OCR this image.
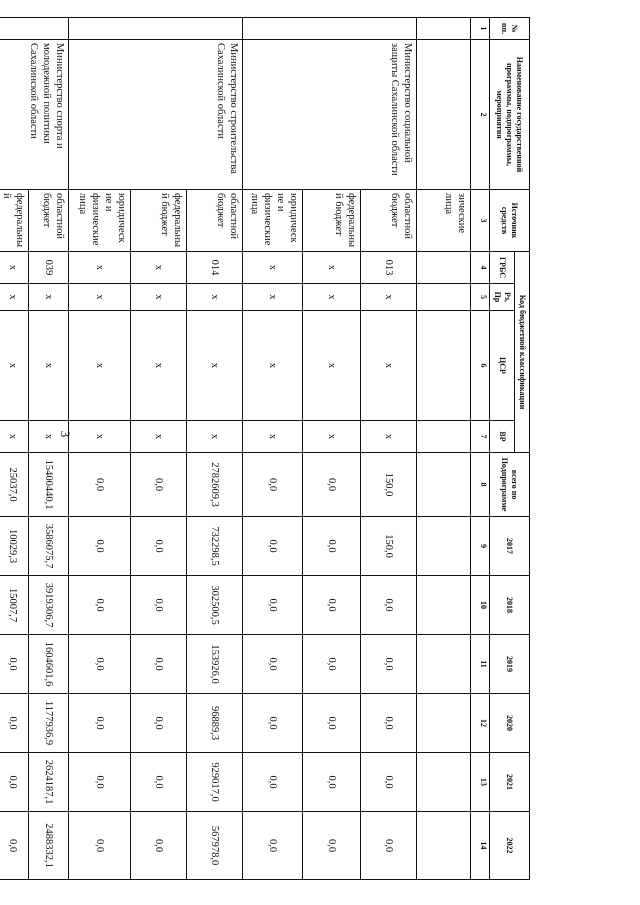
3
№ пп.	Наименование государственной программы, подпрограммы, мероприятия	Источник средств	Код бюджетной классификации				всего по Подпрограмме	2017	2018	2019	2020	2021	2022
			ГРБС	Рз, Пр	ЦСР	ВР							
1	2	3	4	5	6	7	8	9	10	11	12	13	14
		зические лица											
	Министерство социальной защиты Сахалинской области	областной бюджет	013	x	x	x	150,0	150,0	0,0	0,0	0,0	0,0	0,0
		федеральный бюджет	x	x	x	x	0,0	0,0	0,0	0,0	0,0	0,0	0,0
		юридические и физические лица	x	x	x	x	0,0	0,0	0,0	0,0	0,0	0,0	0,0
	Министерство строительства Сахалинской области	областной бюджет	014	x	x	x	2782609,3	732298,5	302500,5	153926,0	96889,3	929017,0	567978,0
		федеральный бюджет	x	x	x	x	0,0	0,0	0,0	0,0	0,0	0,0	0,0
		юридические и физические лица	x	x	x	x	0,0	0,0	0,0	0,0	0,0	0,0	0,0
	Министерство спорта и молодежной политики Сахалинской области	областной бюджет	039	x	x	x	15400440,1	3586075,7	3919306,7	1604601,6	1177936,9	2624187,1	2488332,1
		федеральный	x	x	x	x	25037,0	10029,3	15007,7	0,0	0,0	0,0	0,0
